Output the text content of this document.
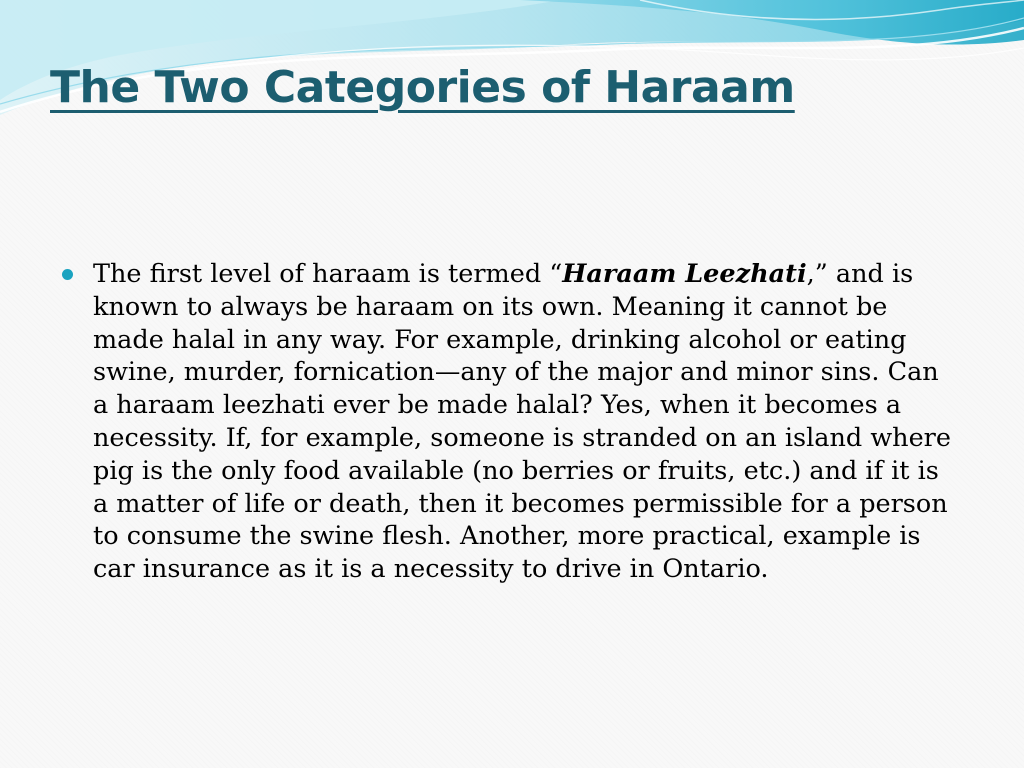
The Two Categories of Haraam
The first level of haraam is termed “Haraam Leezhati,” and is known to always be haraam on its own. Meaning it cannot be made halal in any way. For example, drinking alcohol or eating swine, murder, fornication—any of the major and minor sins. Can a haraam leezhati ever be made halal? Yes, when it becomes a necessity. If, for example, someone is stranded on an island where pig is the only food available (no berries or fruits, etc.) and if it is a matter of life or death, then it becomes permissible for a person to consume the swine flesh. Another, more practical, example is car insurance as it is a necessity to drive in Ontario.
